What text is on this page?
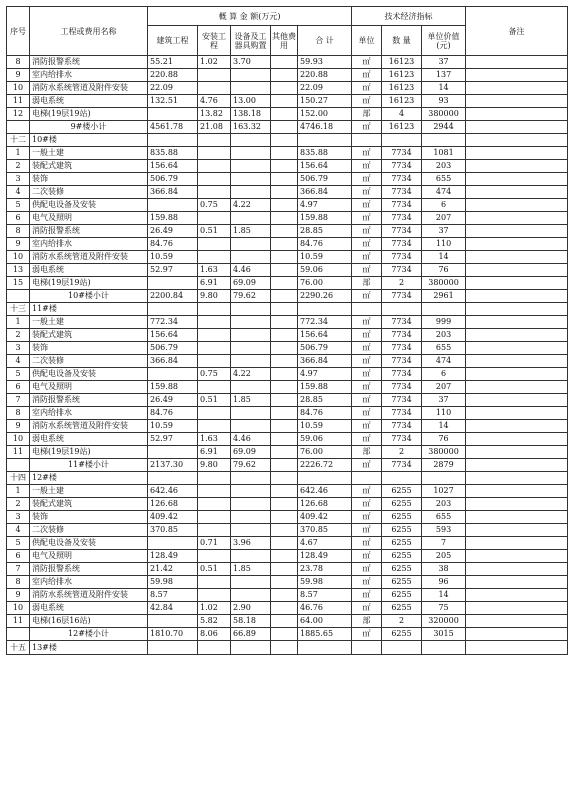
序号	工程或费用名称	概 算 金 额(万元)					技术经济指标			备注
		建筑工程	安装工程	设备及工器具购置	其他费用	合 计	单位	数 量	单位价值(元)	
8	消防报警系统	55.21	1.02	3.70		59.93	㎡	16123	37	
9	室内给排水	220.88				220.88	㎡	16123	137	
10	消防水系统管道及附件安装	22.09				22.09	㎡	16123	14	
11	弱电系统	132.51	4.76	13.00		150.27	㎡	16123	93	
12	电梯(19层19站)		13.82	138.18		152.00	部	4	380000	
	9#楼小计	4561.78	21.08	163.32		4746.18	㎡	16123	2944	
十二	10#楼									
1	一般土建	835.88				835.88	㎡	7734	1081	
2	装配式建筑	156.64				156.64	㎡	7734	203	
3	装饰	506.79				506.79	㎡	7734	655	
4	二次装修	366.84				366.84	㎡	7734	474	
5	供配电设备及安装		0.75	4.22		4.97	㎡	7734	6	
6	电气及照明	159.88				159.88	㎡	7734	207	
8	消防报警系统	26.49	0.51	1.85		28.85	㎡	7734	37	
9	室内给排水	84.76				84.76	㎡	7734	110	
10	消防水系统管道及附件安装	10.59				10.59	㎡	7734	14	
13	弱电系统	52.97	1.63	4.46		59.06	㎡	7734	76	
15	电梯(19层19站)		6.91	69.09		76.00	部	2	380000	
	10#楼小计	2200.84	9.80	79.62		2290.26	㎡	7734	2961	
十三	11#楼									
1	一般土建	772.34				772.34	㎡	7734	999	
2	装配式建筑	156.64				156.64	㎡	7734	203	
3	装饰	506.79				506.79	㎡	7734	655	
4	二次装修	366.84				366.84	㎡	7734	474	
5	供配电设备及安装		0.75	4.22		4.97	㎡	7734	6	
6	电气及照明	159.88				159.88	㎡	7734	207	
7	消防报警系统	26.49	0.51	1.85		28.85	㎡	7734	37	
8	室内给排水	84.76				84.76	㎡	7734	110	
9	消防水系统管道及附件安装	10.59				10.59	㎡	7734	14	
10	弱电系统	52.97	1.63	4.46		59.06	㎡	7734	76	
11	电梯(19层19站)		6.91	69.09		76.00	部	2	380000	
	11#楼小计	2137.30	9.80	79.62		2226.72	㎡	7734	2879	
十四	12#楼									
1	一般土建	642.46				642.46	㎡	6255	1027	
2	装配式建筑	126.68				126.68	㎡	6255	203	
3	装饰	409.42				409.42	㎡	6255	655	
4	二次装修	370.85				370.85	㎡	6255	593	
5	供配电设备及安装		0.71	3.96		4.67	㎡	6255	7	
6	电气及照明	128.49				128.49	㎡	6255	205	
7	消防报警系统	21.42	0.51	1.85		23.78	㎡	6255	38	
8	室内给排水	59.98				59.98	㎡	6255	96	
9	消防水系统管道及附件安装	8.57				8.57	㎡	6255	14	
10	弱电系统	42.84	1.02	2.90		46.76	㎡	6255	75	
11	电梯(16层16站)		5.82	58.18		64.00	部	2	320000	
	12#楼小计	1810.70	8.06	66.89		1885.65	㎡	6255	3015	
十五	13#楼									
